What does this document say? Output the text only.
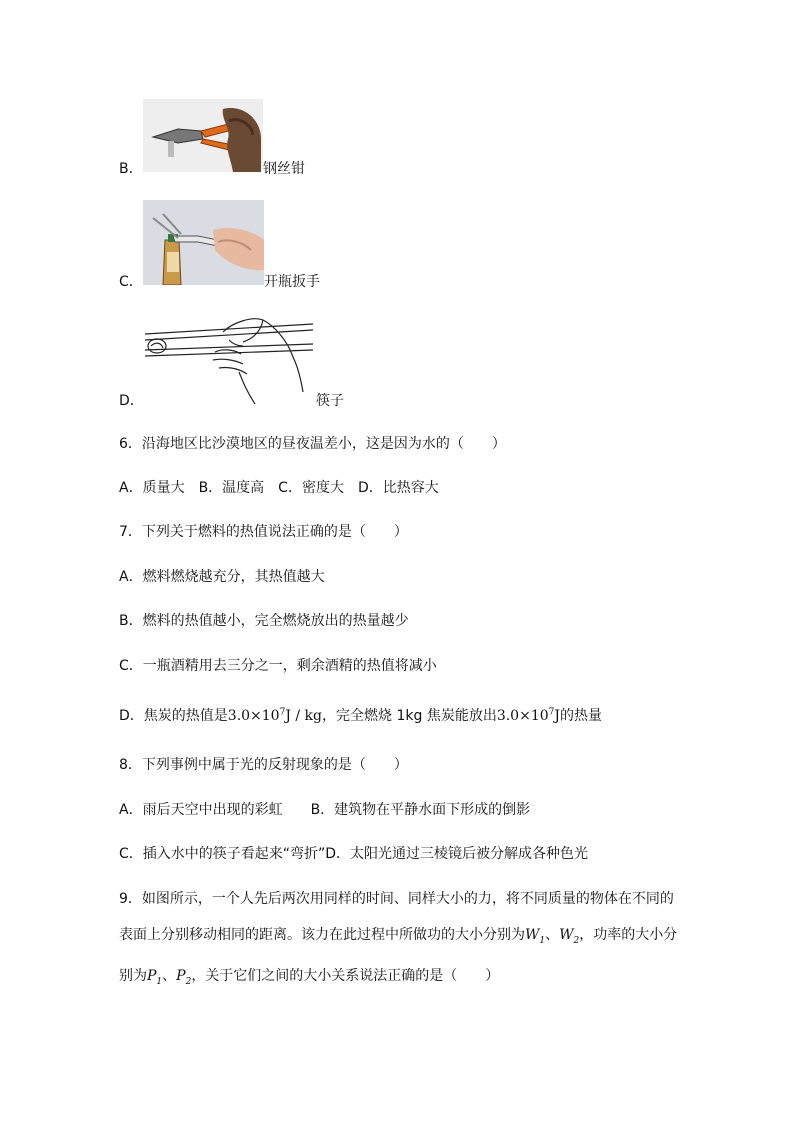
B．	钢丝钳
C．	开瓶扳手
D．	筷子
6．沿海地区比沙漠地区的昼夜温差小，这是因为水的（　　）
A．质量大　B．温度高　C．密度大　D．比热容大
7．下列关于燃料的热值说法正确的是（　　）
A．燃料燃烧越充分，其热值越大
B．燃料的热值越小，完全燃烧放出的热量越少
C．一瓶酒精用去三分之一，剩余酒精的热值将减小
D．焦炭的热值是$3.0\times 10^7J$ / kg，完全燃烧 1kg 焦炭能放出$3.0\times 10^7J$的热量
8．下列事例中属于光的反射现象的是（　　）
A．雨后天空中出现的彩虹　　B．建筑物在平静水面下形成的倒影
C．插入水中的筷子看起来“弯折”D．太阳光通过三棱镜后被分解成各种色光
9．如图所示，一个人先后两次用同样的时间、同样大小的力，将不同质量的物体在不同的
表面上分别移动相同的距离。该力在此过程中所做功的大小分别为$W_1$、$W_2$，功率的大小分
别为$P_1$、$P_2$，关于它们之间的大小关系说法正确的是（　　）
